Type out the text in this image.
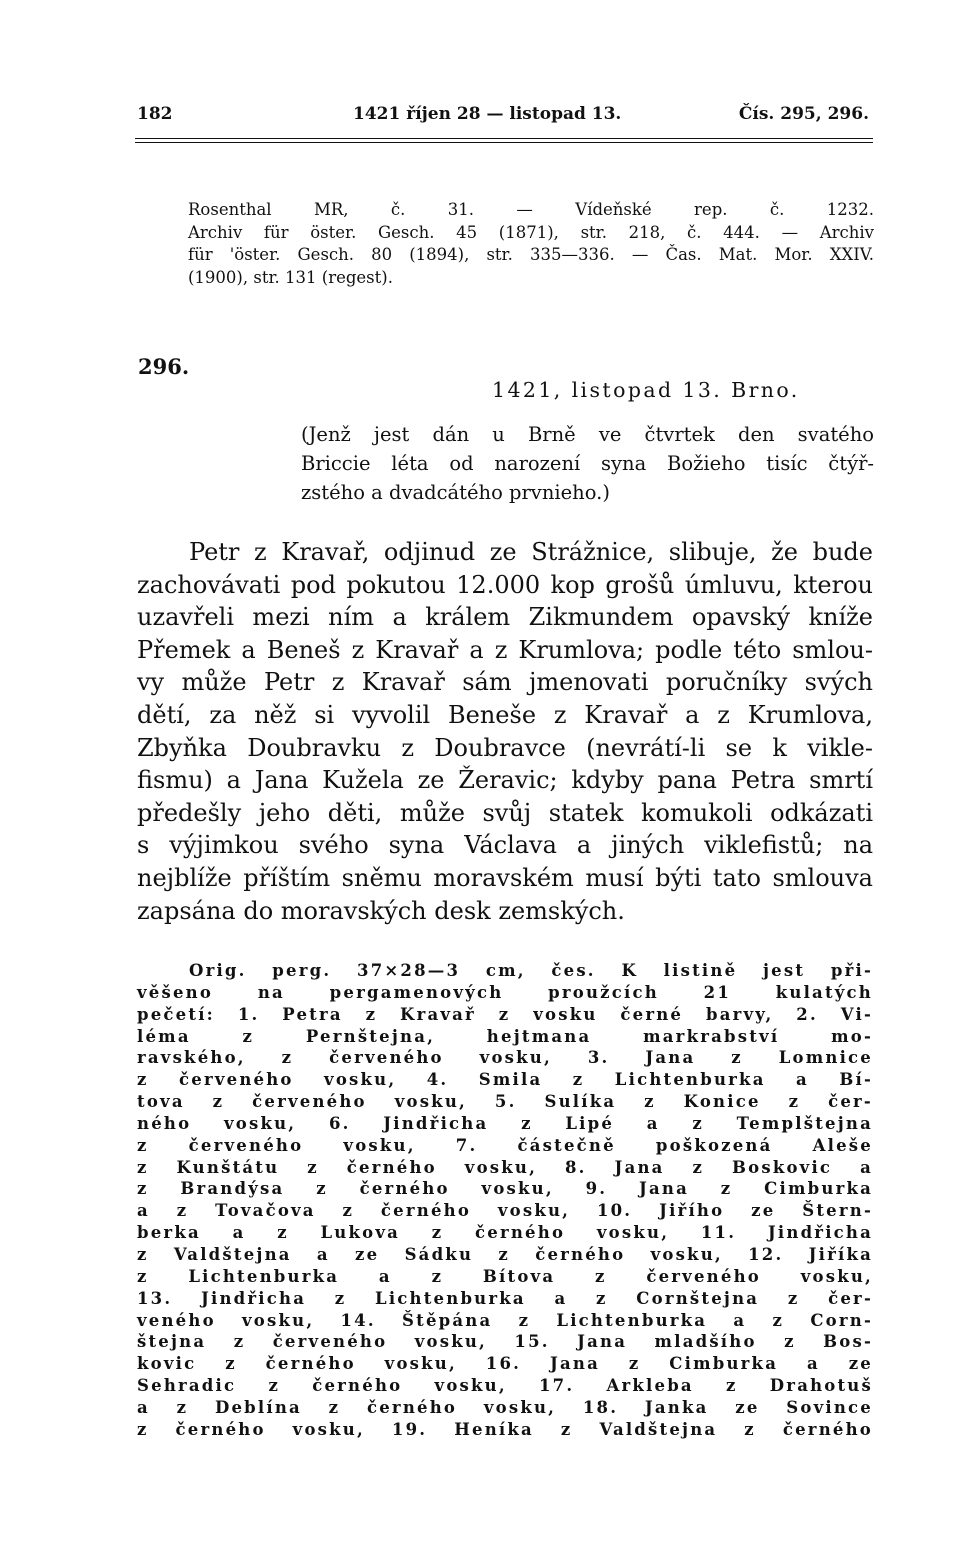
182	1421 říjen 28 — listopad 13.	Čís. 295, 296.
Rosenthal MR, č. 31. — Vídeňské rep. č. 1232.
Archiv für öster. Gesch. 45 (1871), str. 218, č. 444. — Archiv
für 'öster. Gesch. 80 (1894), str. 335—336. — Čas. Mat. Mor. XXIV.
(1900), str. 131 (regest).
296.
1421, listopad 13. Brno.
(Jenž jest dán u Brně ve čtvrtek den svatého
Briccie léta od narození syna Božieho tisíc čtýř-
zstého a dvadcátého prvnieho.)
Petr z Kravař, odjinud ze Strážnice, slibuje, že bude
zachovávati pod pokutou 12.000 kop grošů úmluvu, kterou
uzavřeli mezi ním a králem Zikmundem opavský kníže
Přemek a Beneš z Kravař a z Krumlova; podle této smlou-
vy může Petr z Kravař sám jmenovati poručníky svých
dětí, za něž si vyvolil Beneše z Kravař a z Krumlova,
Zbyňka Doubravku z Doubravce (nevrátí-li se k vikle-
fismu) a Jana Kužela ze Žeravic; kdyby pana Petra smrtí
předešly jeho děti, může svůj statek komukoli odkázati
s výjimkou svého syna Václava a jiných viklefistů; na
nejblíže příštím sněmu moravském musí býti tato smlouva
zapsána do moravských desk zemských.
Orig. perg. 37×28—3 cm, čes. K listině jest při-
věšeno na pergamenových proužcích 21 kulatých
pečetí: 1. Petra z Kravař z vosku černé barvy, 2. Vi-
léma z Pernštejna, hejtmana markrabství mo-
ravského, z červeného vosku, 3. Jana z Lomnice
z červeného vosku, 4. Smila z Lichtenburka a Bí-
tova z červeného vosku, 5. Sulíka z Konice z čer-
ného vosku, 6. Jindřicha z Lipé a z Templštejna
z červeného vosku, 7. částečně poškozená Aleše
z Kunštátu z černého vosku, 8. Jana z Boskovic a
z Brandýsa z černého vosku, 9. Jana z Cimburka
a z Tovačova z černého vosku, 10. Jiřího ze Štern-
berka a z Lukova z černého vosku, 11. Jindřicha
z Valdštejna a ze Sádku z černého vosku, 12. Jiříka
z Lichtenburka a z Bítova z červeného vosku,
13. Jindřicha z Lichtenburka a z Cornštejna z čer-
veného vosku, 14. Štěpána z Lichtenburka a z Corn-
štejna z červeného vosku, 15. Jana mladšího z Bos-
kovic z černého vosku, 16. Jana z Cimburka a ze
Sehradic z černého vosku, 17. Arkleba z Drahotuš
a z Deblína z černého vosku, 18. Janka ze Sovince
z černého vosku, 19. Heníka z Valdštejna z černého
